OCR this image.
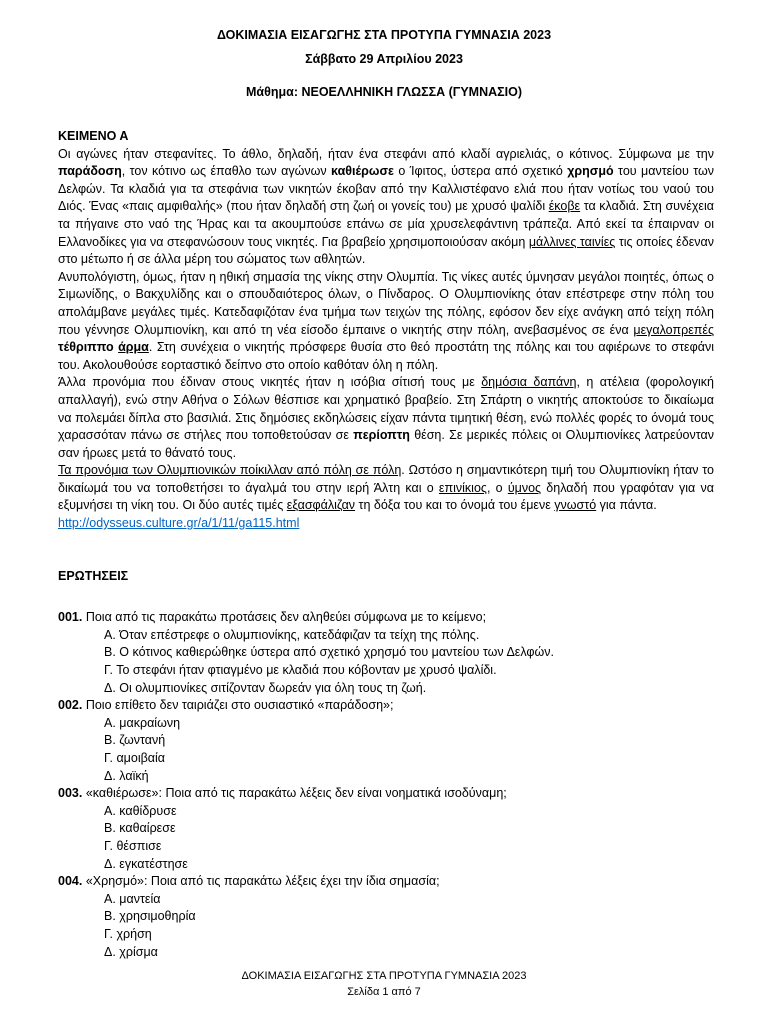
ΔΟΚΙΜΑΣΙΑ ΕΙΣΑΓΩΓΗΣ ΣΤΑ ΠΡΟΤΥΠΑ ΓΥΜΝΑΣΙΑ 2023
Σάββατο 29 Απριλίου 2023
Μάθημα: ΝΕΟΕΛΛΗΝΙΚΗ ΓΛΩΣΣΑ (ΓΥΜΝΑΣΙΟ)
ΚΕΙΜΕΝΟ Α
Οι αγώνες ήταν στεφανίτες. Το άθλο, δηλαδή, ήταν ένα στεφάνι από κλαδί αγριελιάς, ο κότινος. Σύμφωνα με την παράδοση, τον κότινο ως έπαθλο των αγώνων καθιέρωσε ο Ίφιτος, ύστερα από σχετικό χρησμό του μαντείου των Δελφών. Τα κλαδιά για τα στεφάνια των νικητών έκοβαν από την Καλλιστέφανο ελιά που ήταν νοτίως του ναού του Διός. Ένας «παις αμφιθαλής» (που ήταν δηλαδή στη ζωή οι γονείς του) με χρυσό ψαλίδι έκοβε τα κλαδιά. Στη συνέχεια τα πήγαινε στο ναό της Ήρας και τα ακουμπούσε επάνω σε μία χρυσελεφάντινη τράπεζα. Από εκεί τα έπαιρναν οι Ελλανοδίκες για να στεφανώσουν τους νικητές. Για βραβείο χρησιμοποιούσαν ακόμη μάλλινες ταινίες τις οποίες έδεναν στο μέτωπο ή σε άλλα μέρη του σώματος των αθλητών.
Ανυπολόγιστη, όμως, ήταν η ηθική σημασία της νίκης στην Ολυμπία. Τις νίκες αυτές ύμνησαν μεγάλοι ποιητές, όπως ο Σιμωνίδης, ο Βακχυλίδης και ο σπουδαιότερος όλων, ο Πίνδαρος. Ο Ολυμπιονίκης όταν επέστρεφε στην πόλη του απολάμβανε μεγάλες τιμές. Κατεδαφιζόταν ένα τμήμα των τειχών της πόλης, εφόσον δεν είχε ανάγκη από τείχη πόλη που γέννησε Ολυμπιονίκη, και από τη νέα είσοδο έμπαινε ο νικητής στην πόλη, ανεβασμένος σε ένα μεγαλοπρεπές τέθριππο άρμα. Στη συνέχεια ο νικητής πρόσφερε θυσία στο θεό προστάτη της πόλης και του αφιέρωνε το στεφάνι του. Ακολουθούσε εορταστικό δείπνο στο οποίο καθόταν όλη η πόλη.
Άλλα προνόμια που έδιναν στους νικητές ήταν η ισόβια σίτισή τους με δημόσια δαπάνη, η ατέλεια (φορολογική απαλλαγή), ενώ στην Αθήνα ο Σόλων θέσπισε και χρηματικό βραβείο. Στη Σπάρτη ο νικητής αποκτούσε το δικαίωμα να πολεμάει δίπλα στο βασιλιά. Στις δημόσιες εκδηλώσεις είχαν πάντα τιμητική θέση, ενώ πολλές φορές το όνομά τους χαρασσόταν πάνω σε στήλες που τοποθετούσαν σε περίοπτη θέση. Σε μερικές πόλεις οι Ολυμπιονίκες λατρεύονταν σαν ήρωες μετά το θάνατό τους.
Τα προνόμια των Ολυμπιονικών ποίκιλλαν από πόλη σε πόλη. Ωστόσο η σημαντικότερη τιμή του Ολυμπιονίκη ήταν το δικαίωμά του να τοποθετήσει το άγαλμά του στην ιερή Άλτη και ο επινίκιος, ο ύμνος δηλαδή που γραφόταν για να εξυμνήσει τη νίκη του. Οι δύο αυτές τιμές εξασφάλιζαν τη δόξα του και το όνομά του έμενε γνωστό για πάντα.
http://odysseus.culture.gr/a/1/11/ga115.html
ΕΡΩΤΗΣΕΙΣ
001. Ποια από τις παρακάτω προτάσεις δεν αληθεύει σύμφωνα με το κείμενο;
Α. Όταν επέστρεφε ο ολυμπιονίκης, κατεδάφιζαν τα τείχη της πόλης.
Β. Ο κότινος καθιερώθηκε ύστερα από σχετικό χρησμό του μαντείου των Δελφών.
Γ. Το στεφάνι ήταν φτιαγμένο με κλαδιά που κόβονταν με χρυσό ψαλίδι.
Δ. Οι ολυμπιονίκες σιτίζονταν δωρεάν για όλη τους τη ζωή.
002. Ποιο επίθετο δεν ταιριάζει στο ουσιαστικό «παράδοση»;
Α. μακραίωνη
Β. ζωντανή
Γ. αμοιβαία
Δ. λαϊκή
003. «καθιέρωσε»: Ποια από τις παρακάτω λέξεις δεν είναι νοηματικά ισοδύναμη;
Α. καθίδρυσε
Β. καθαίρεσε
Γ. θέσπισε
Δ. εγκατέστησε
004. «Χρησμό»: Ποια από τις παρακάτω λέξεις έχει την ίδια σημασία;
Α. μαντεία
Β. χρησιμοθηρία
Γ. χρήση
Δ. χρίσμα
ΔΟΚΙΜΑΣΙΑ ΕΙΣΑΓΩΓΗΣ ΣΤΑ ΠΡΟΤΥΠΑ ΓΥΜΝΑΣΙΑ 2023
Σελίδα 1 από 7
